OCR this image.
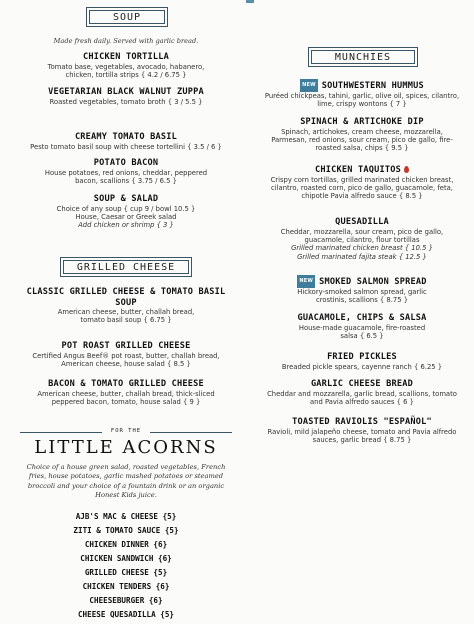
SOUP
Made fresh daily. Served with garlic bread.
CHICKEN TORTILLA
Tomato base, vegetables, avocado, habanero, chicken, tortilla strips { 4.2 / 6.75 }
VEGETARIAN BLACK WALNUT ZUPPA
Roasted vegetables, tomato broth { 3 / 5.5 }
CREAMY TOMATO BASIL
Pesto tomato basil soup with cheese tortellini { 3.5 / 6 }
POTATO BACON
House potatoes, red onions, cheddar, peppered bacon, scallions { 3.75 / 6.5 }
SOUP & SALAD
Choice of any soup { cup 9 / bowl 10.5 } House, Caesar or Greek salad
Add chicken or shrimp { 3 }
GRILLED CHEESE
CLASSIC GRILLED CHEESE & TOMATO BASIL SOUP
American cheese, butter, challah bread, tomato basil soup { 6.75 }
POT ROAST GRILLED CHEESE
Certified Angus Beef® pot roast, butter, challah bread, American cheese, house salad { 8.5 }
BACON & TOMATO GRILLED CHEESE
American cheese, butter, challah bread, thick-sliced peppered bacon, tomato, house salad { 9 }
FOR THE
LITTLE ACORNS
Choice of a house green salad, roasted vegetables, French fries, house potatoes, garlic mashed potatoes or steamed broccoli and your choice of a fountain drink or an organic Honest Kids juice.
AJB'S MAC & CHEESE {5}
ZITI & TOMATO SAUCE {5}
CHICKEN DINNER {6}
CHICKEN SANDWICH {6}
GRILLED CHEESE {5}
CHICKEN TENDERS {6}
CHEESEBURGER {6}
CHEESE QUESADILLA {5}
MUNCHIES
NEW SOUTHWESTERN HUMMUS
Puréed chickpeas, tahini, garlic, olive oil, spices, cilantro, lime, crispy wontons { 7 }
SPINACH & ARTICHOKE DIP
Spinach, artichokes, cream cheese, mozzarella, Parmesan, red onions, sour cream, pico de gallo, fire-roasted salsa, chips { 9.5 }
CHICKEN TAQUITOS
Crispy corn tortillas, grilled marinated chicken breast, cilantro, roasted corn, pico de gallo, guacamole, feta, chipotle Pavia alfredo sauce { 8.5 }
QUESADILLA
Cheddar, mozzarella, sour cream, pico de gallo, guacamole, cilantro, flour tortillas
Grilled marinated chicken breast { 10.5 }
Grilled marinated fajita steak { 12.5 }
NEW SMOKED SALMON SPREAD
Hickory-smoked salmon spread, garlic crostinis, scallions { 8.75 }
GUACAMOLE, CHIPS & SALSA
House-made guacamole, fire-roasted salsa { 6.5 }
FRIED PICKLES
Breaded pickle spears, cayenne ranch { 6.25 }
GARLIC CHEESE BREAD
Cheddar and mozzarella, garlic bread, scallions, tomato and Pavia alfredo sauces { 6 }
TOASTED RAVIOLIS "ESPAÑOL"
Ravioli, mild jalapeño cheese, tomato and Pavia alfredo sauces, garlic bread { 8.75 }
